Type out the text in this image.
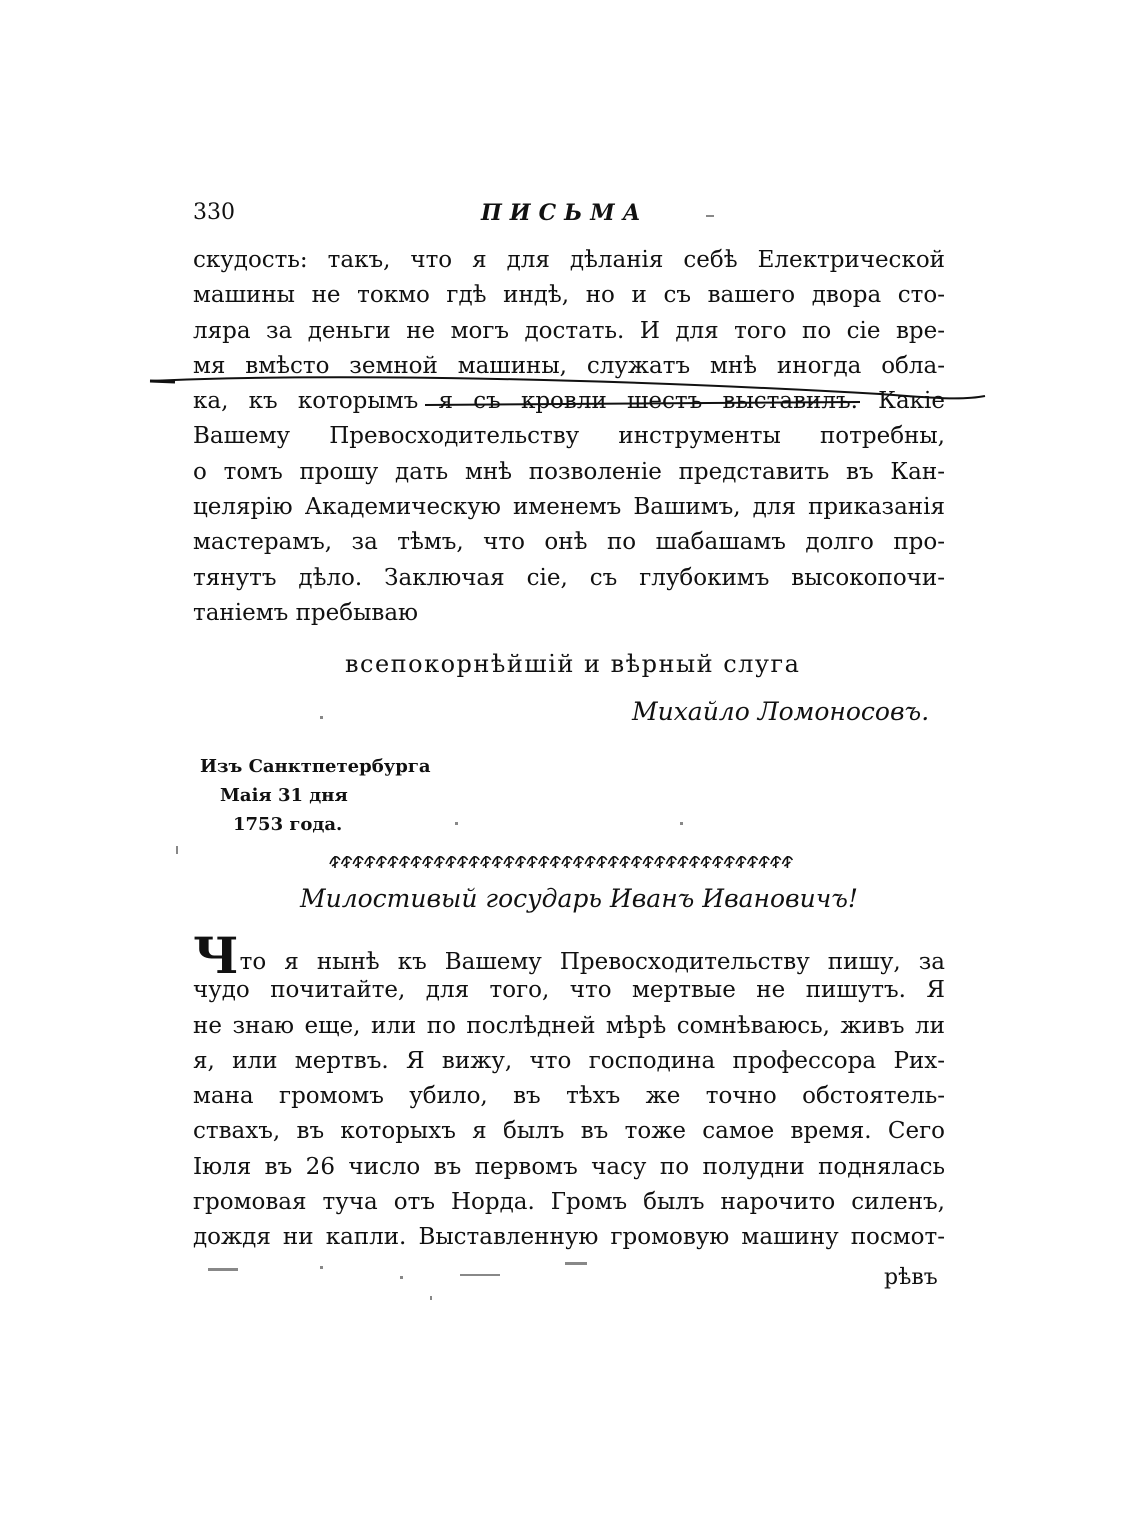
330	ПИСЬМА
скудость: такъ, что я для дѣланія себѣ Електрической
машины не токмо гдѣ индѣ, но и съ вашего двора сто-
ляра за деньги не могъ достать. И для того по сіе вре-
мя вмѣсто земной машины, служатъ мнѣ иногда обла-
ка, къ которымъ я съ кровли шестъ выставилъ. Какіе
Вашему Превосходительству инструменты потребны,
о томъ прошу дать мнѣ позволеніе представить въ Кан-
целярію Академическую именемъ Вашимъ, для приказанія
мастерамъ, за тѣмъ, что онѣ по шабашамъ долго про-
тянутъ дѣло. Заключая сіе, съ глубокимъ высокопочи-
таніемъ пребываю
всепокорнѣйшій и вѣрный слуга
Михайло Ломоносовъ.
Изъ Санктпетербурга
Маія 31 дня
1753 года.
Милостивый государь Иванъ Ивановичъ!
Что я нынѣ къ Вашему Превосходительству пишу, за
чудо почитайте, для того, что мертвые не пишутъ. Я
не знаю еще, или по послѣдней мѣрѣ сомнѣваюсь, живъ ли
я, или мертвъ. Я вижу, что господина профессора Рих-
мана громомъ убило, въ тѣхъ же точно обстоятель-
ствахъ, въ которыхъ я былъ въ тоже самое время. Сего
Іюля въ 26 число въ первомъ часу по полудни поднялась
громовая туча отъ Норда. Громъ былъ нарочито силенъ,
дождя ни капли. Выставленную громовую машину посмот-
рѣвъ
